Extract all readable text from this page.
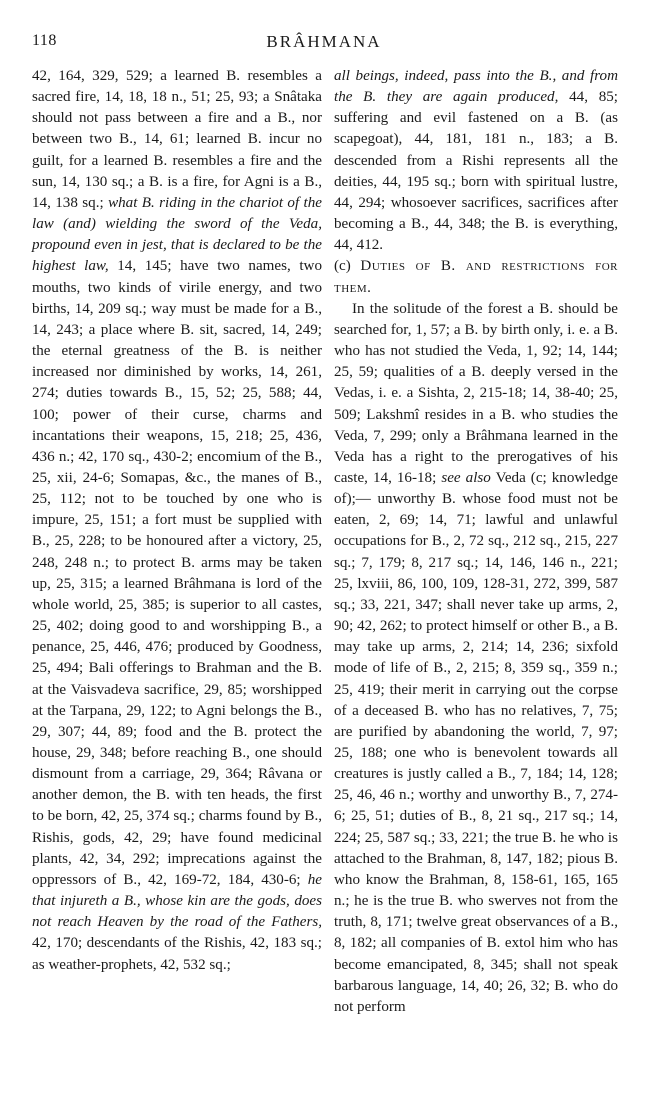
118	BRÂHMANA

42, 164, 329, 529; a learned B. resembles a sacred fire, 14, 18, 18 n., 51; 25, 93; a Snâtaka should not pass between a fire and a B., nor between two B., 14, 61; learned B. incur no guilt, for a learned B. resembles a fire and the sun, 14, 130 sq.; a B. is a fire, for Agni is a B., 14, 138 sq.; what B. riding in the chariot of the law (and) wielding the sword of the Veda, propound even in jest, that is declared to be the highest law, 14, 145; have two names, two mouths, two kinds of virile energy, and two births, 14, 209 sq.; way must be made for a B., 14, 243; a place where B. sit, sacred, 14, 249; the eternal greatness of the B. is neither increased nor diminished by works, 14, 261, 274; duties towards B., 15, 52; 25, 588; 44, 100; power of their curse, charms and incantations their weapons, 15, 218; 25, 436, 436 n.; 42, 170 sq., 430-2; encomium of the B., 25, xii, 24-6; Somapas, &c., the manes of B., 25, 112; not to be touched by one who is impure, 25, 151; a fort must be supplied with B., 25, 228; to be honoured after a victory, 25, 248, 248 n.; to protect B. arms may be taken up, 25, 315; a learned Brâhmana is lord of the whole world, 25, 385; is superior to all castes, 25, 402; doing good to and worshipping B., a penance, 25, 446, 476; produced by Goodness, 25, 494; Bali offerings to Brahman and the B. at the Vaisvadeva sacrifice, 29, 85; worshipped at the Tarpana, 29, 122; to Agni belongs the B., 29, 307; 44, 89; food and the B. protect the house, 29, 348; before reaching B., one should dismount from a carriage, 29, 364; Râvana or another demon, the B. with ten heads, the first to be born, 42, 25, 374 sq.; charms found by B., Rishis, gods, 42, 29; have found medicinal plants, 42, 34, 292; imprecations against the oppressors of B., 42, 169-72, 184, 430-6; he that injureth a B., whose kin are the gods, does not reach Heaven by the road of the Fathers, 42, 170; descendants of the Rishis, 42, 183 sq.; as weather-prophets, 42, 532 sq.;

all beings, indeed, pass into the B., and from the B. they are again produced, 44, 85; suffering and evil fastened on a B. (as scapegoat), 44, 181, 181 n., 183; a B. descended from a Rishi represents all the deities, 44, 195 sq.; born with spiritual lustre, 44, 294; whosoever sacrifices, sacrifices after becoming a B., 44, 348; the B. is everything, 44, 412.

(c) Duties of B. and restrictions for them.

In the solitude of the forest a B. should be searched for, 1, 57; a B. by birth only, i. e. a B. who has not studied the Veda, 1, 92; 14, 144; 25, 59; qualities of a B. deeply versed in the Vedas, i. e. a Sishta, 2, 215-18; 14, 38-40; 25, 509; Lakshmî resides in a B. who studies the Veda, 7, 299; only a Brâhmana learned in the Veda has a right to the prerogatives of his caste, 14, 16-18; see also Veda (c; knowledge of);— unworthy B. whose food must not be eaten, 2, 69; 14, 71; lawful and unlawful occupations for B., 2, 72 sq., 212 sq., 215, 227 sq.; 7, 179; 8, 217 sq.; 14, 146, 146 n., 221; 25, lxviii, 86, 100, 109, 128-31, 272, 399, 587 sq.; 33, 221, 347; shall never take up arms, 2, 90; 42, 262; to protect himself or other B., a B. may take up arms, 2, 214; 14, 236; sixfold mode of life of B., 2, 215; 8, 359 sq., 359 n.; 25, 419; their merit in carrying out the corpse of a deceased B. who has no relatives, 7, 75; are purified by abandoning the world, 7, 97; 25, 188; one who is benevolent towards all creatures is justly called a B., 7, 184; 14, 128; 25, 46, 46 n.; worthy and unworthy B., 7, 274-6; 25, 51; duties of B., 8, 21 sq., 217 sq.; 14, 224; 25, 587 sq.; 33, 221; the true B. he who is attached to the Brahman, 8, 147, 182; pious B. who know the Brahman, 8, 158-61, 165, 165 n.; he is the true B. who swerves not from the truth, 8, 171; twelve great observances of a B., 8, 182; all companies of B. extol him who has become emancipated, 8, 345; shall not speak barbarous language, 14, 40; 26, 32; B. who do not perform
